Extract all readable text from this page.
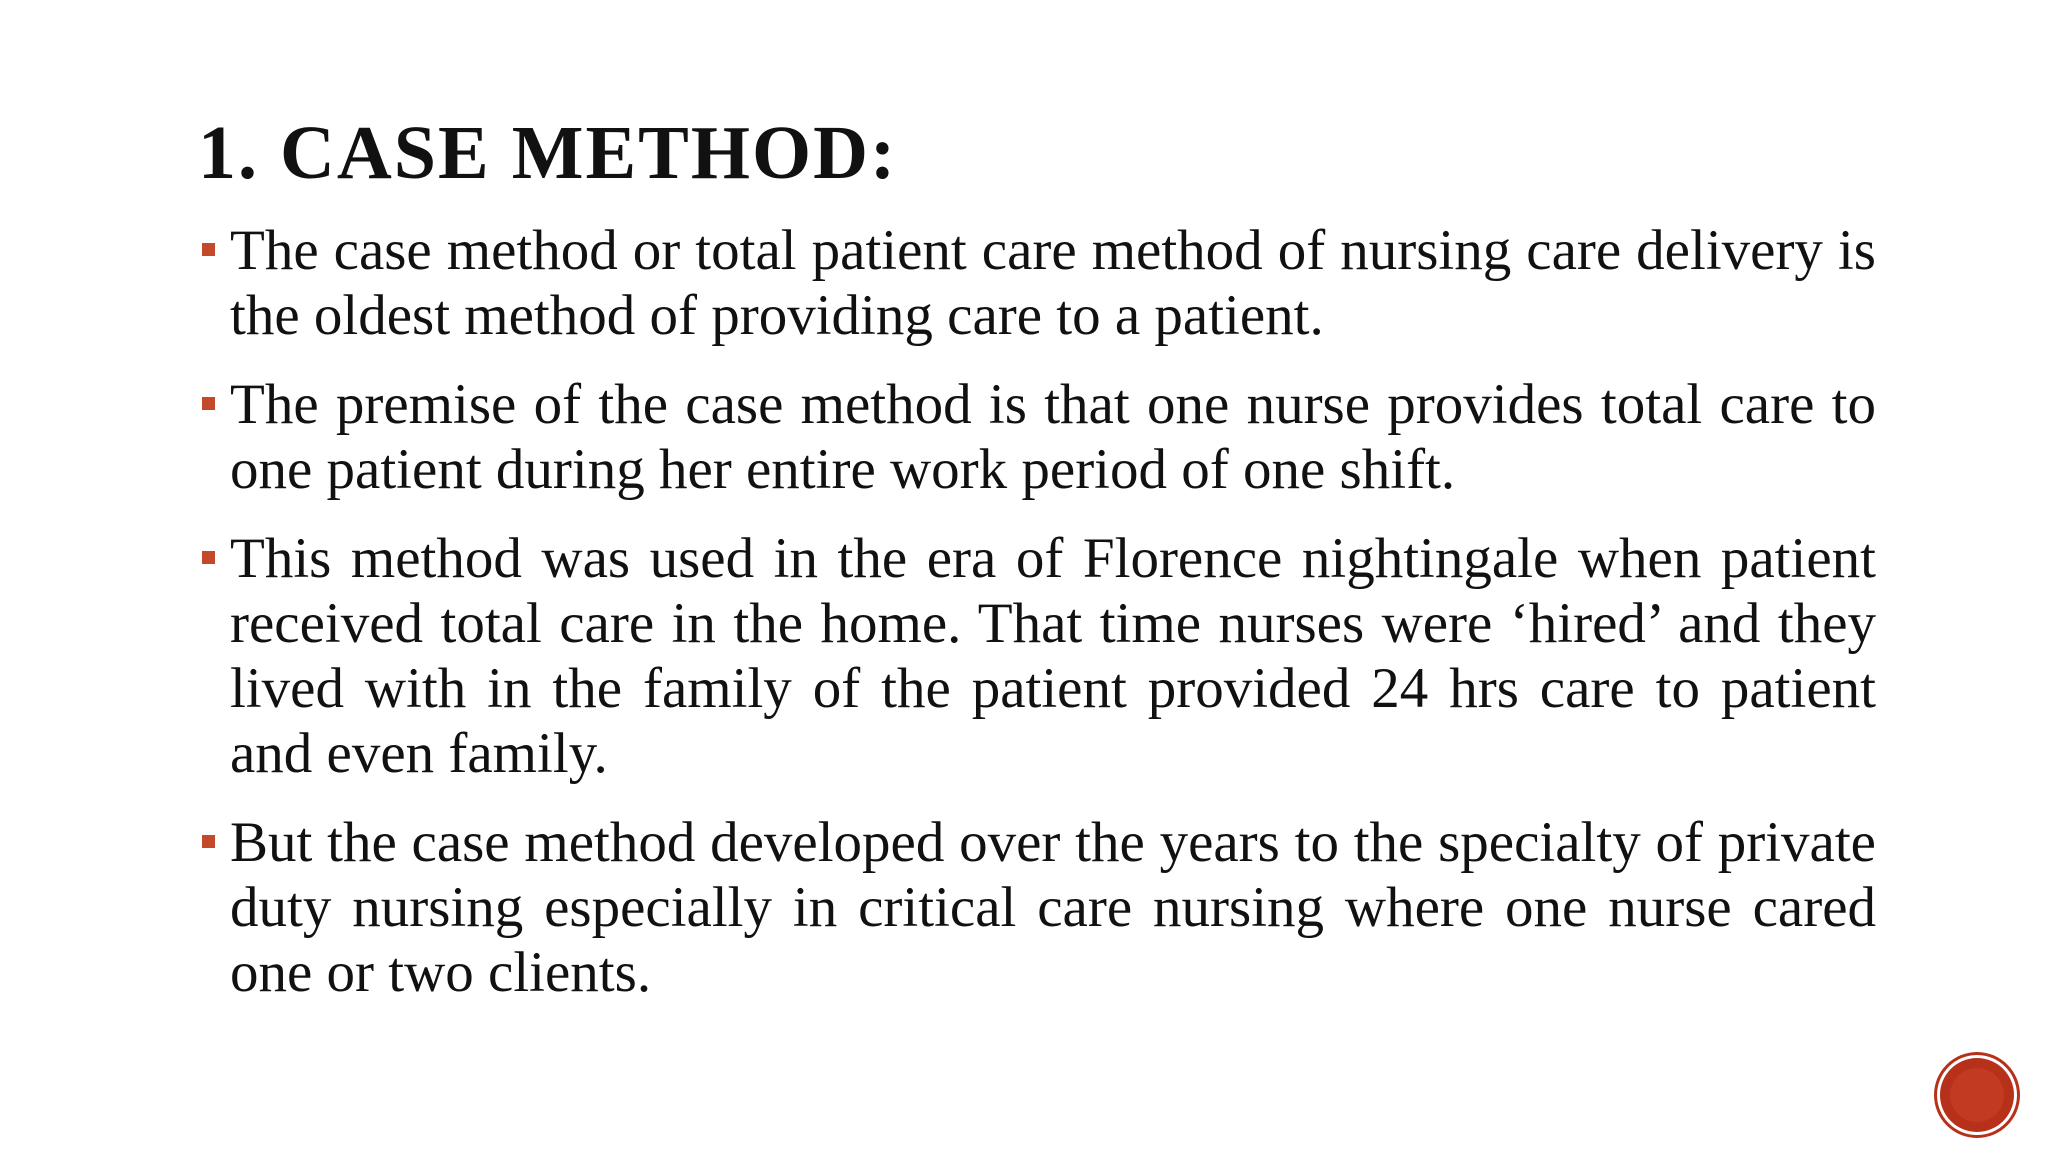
1. CASE METHOD:
The case method or total patient care method of nursing care delivery is the oldest method of providing care to a patient.
The premise of the case method is that one nurse provides total care to one patient during her entire work period of one shift.
This method was used in the era of Florence nightingale when patient received total care in the home. That time nurses were ‘hired’ and they lived with in the family of the patient provided 24 hrs care to patient and even family.
But the case method developed over the years to the specialty of private duty nursing especially in critical care nursing where one nurse cared one or two clients.
